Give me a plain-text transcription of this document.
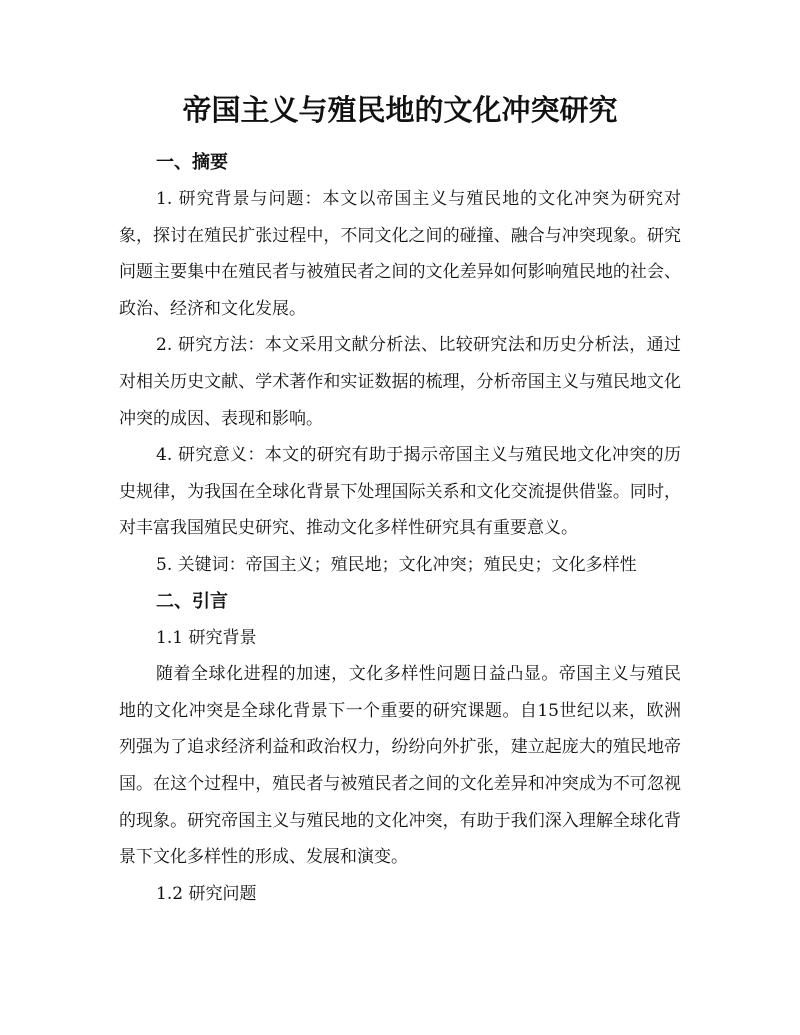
帝国主义与殖民地的文化冲突研究
一、摘要

1. 研究背景与问题：本文以帝国主义与殖民地的文化冲突为研究对象，探讨在殖民扩张过程中，不同文化之间的碰撞、融合与冲突现象。研究问题主要集中在殖民者与被殖民者之间的文化差异如何影响殖民地的社会、政治、经济和文化发展。

2. 研究方法：本文采用文献分析法、比较研究法和历史分析法，通过对相关历史文献、学术著作和实证数据的梳理，分析帝国主义与殖民地文化冲突的成因、表现和影响。

4. 研究意义：本文的研究有助于揭示帝国主义与殖民地文化冲突的历史规律，为我国在全球化背景下处理国际关系和文化交流提供借鉴。同时，对丰富我国殖民史研究、推动文化多样性研究具有重要意义。

5. 关键词：帝国主义；殖民地；文化冲突；殖民史；文化多样性

二、引言

1.1 研究背景

随着全球化进程的加速，文化多样性问题日益凸显。帝国主义与殖民地的文化冲突是全球化背景下一个重要的研究课题。自15世纪以来，欧洲列强为了追求经济利益和政治权力，纷纷向外扩张，建立起庞大的殖民地帝国。在这个过程中，殖民者与被殖民者之间的文化差异和冲突成为不可忽视的现象。研究帝国主义与殖民地的文化冲突，有助于我们深入理解全球化背景下文化多样性的形成、发展和演变。

1.2 研究问题
